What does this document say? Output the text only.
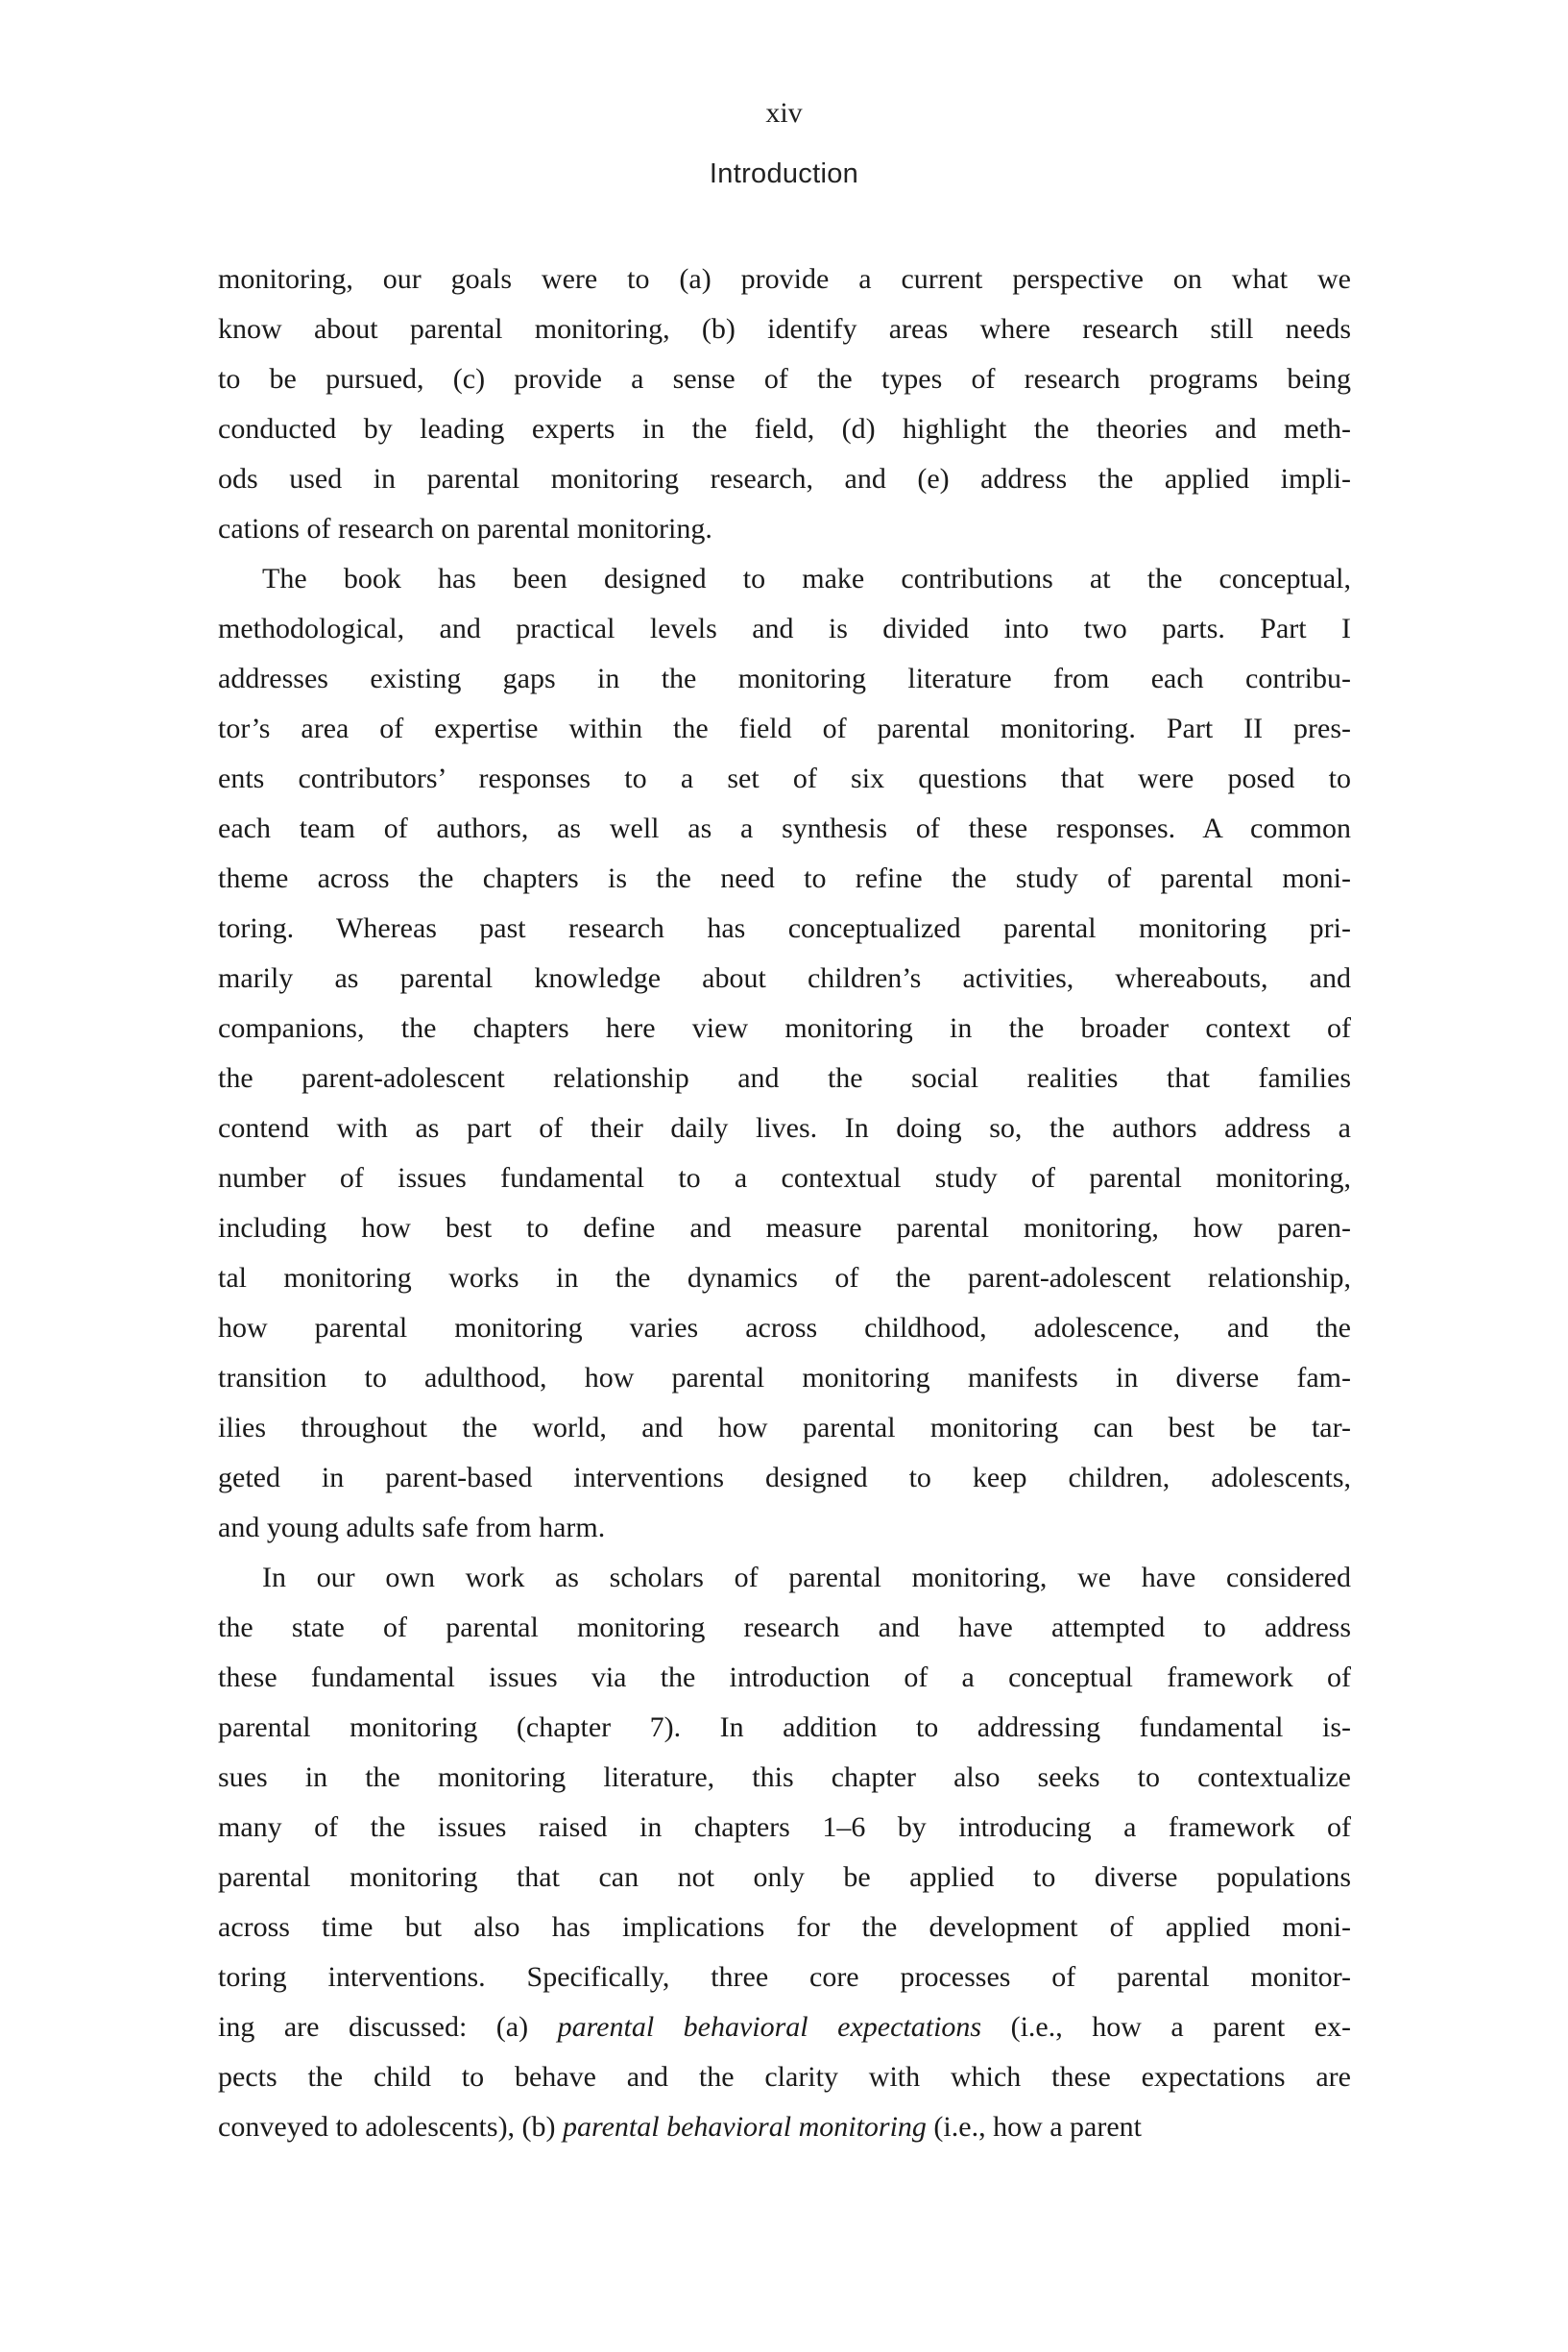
xiv
Introduction
monitoring, our goals were to (a) provide a current perspective on what we
know about parental monitoring, (b) identify areas where research still needs
to be pursued, (c) provide a sense of the types of research programs being
conducted by leading experts in the field, (d) highlight the theories and meth-
ods used in parental monitoring research, and (e) address the applied impli-
cations of research on parental monitoring.
The book has been designed to make contributions at the conceptual,
methodological, and practical levels and is divided into two parts. Part I
addresses existing gaps in the monitoring literature from each contribu-
tor’s area of expertise within the field of parental monitoring. Part II pres-
ents contributors’ responses to a set of six questions that were posed to
each team of authors, as well as a synthesis of these responses. A common
theme across the chapters is the need to refine the study of parental moni-
toring. Whereas past research has conceptualized parental monitoring pri-
marily as parental knowledge about children’s activities, whereabouts, and
companions, the chapters here view monitoring in the broader context of
the parent-adolescent relationship and the social realities that families
contend with as part of their daily lives. In doing so, the authors address a
number of issues fundamental to a contextual study of parental monitoring,
including how best to define and measure parental monitoring, how paren-
tal monitoring works in the dynamics of the parent-adolescent relationship,
how parental monitoring varies across childhood, adolescence, and the
transition to adulthood, how parental monitoring manifests in diverse fam-
ilies throughout the world, and how parental monitoring can best be tar-
geted in parent-based interventions designed to keep children, adolescents,
and young adults safe from harm.
In our own work as scholars of parental monitoring, we have considered
the state of parental monitoring research and have attempted to address
these fundamental issues via the introduction of a conceptual framework of
parental monitoring (chapter 7). In addition to addressing fundamental is-
sues in the monitoring literature, this chapter also seeks to contextualize
many of the issues raised in chapters 1–6 by introducing a framework of
parental monitoring that can not only be applied to diverse populations
across time but also has implications for the development of applied moni-
toring interventions. Specifically, three core processes of parental monitor-
ing are discussed: (a) parental behavioral expectations (i.e., how a parent ex-
pects the child to behave and the clarity with which these expectations are
conveyed to adolescents), (b) parental behavioral monitoring (i.e., how a parent
